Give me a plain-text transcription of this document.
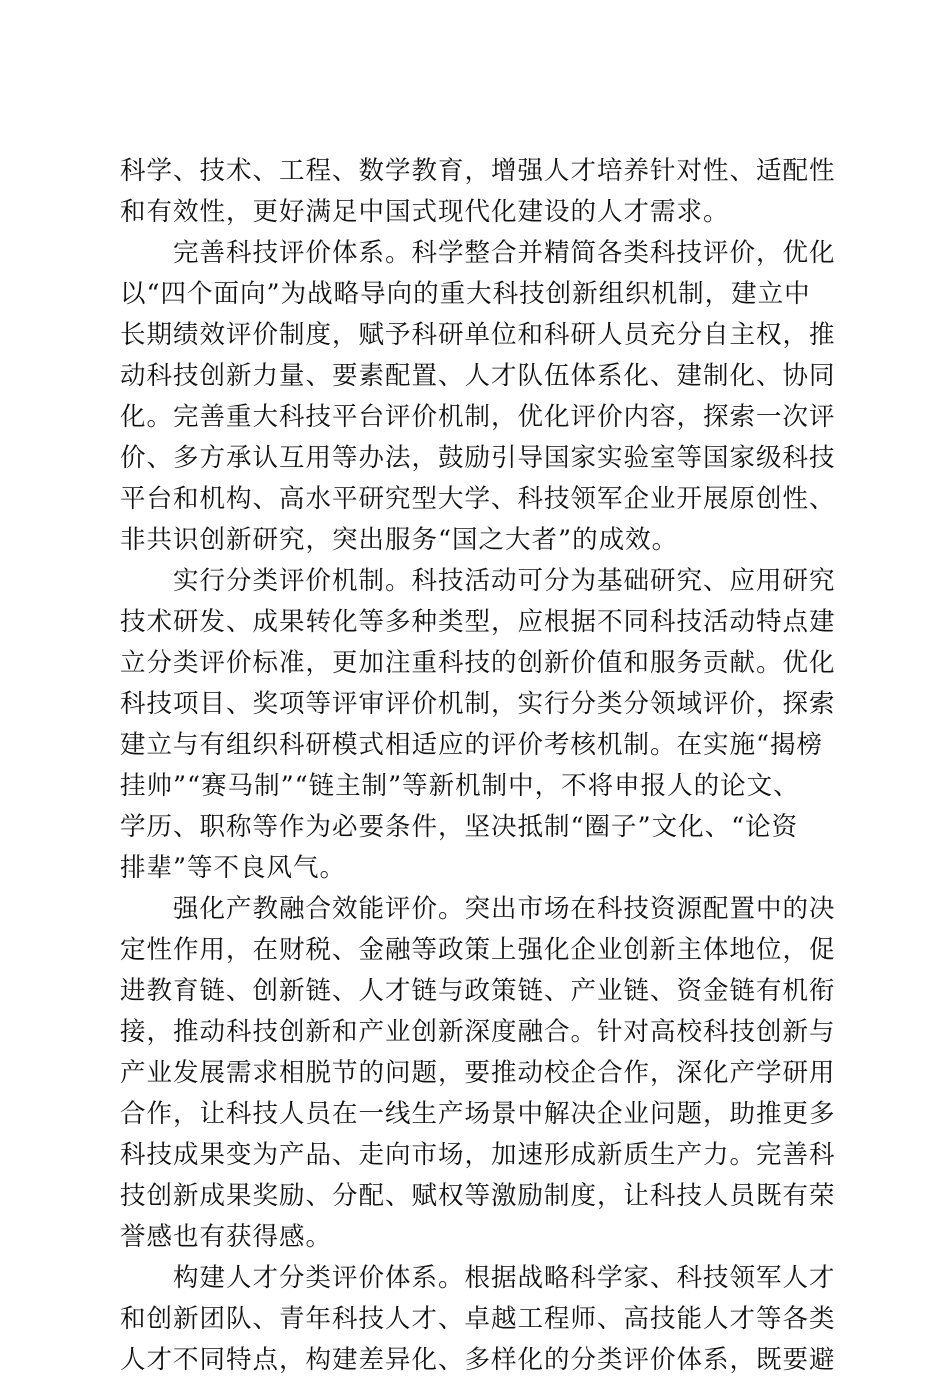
科学、技术、工程、数学教育，增强人才培养针对性、适配性
和有效性，更好满足中国式现代化建设的人才需求。
　　完善科技评价体系。科学整合并精简各类科技评价，优化
以“四个面向”为战略导向的重大科技创新组织机制，建立中
长期绩效评价制度，赋予科研单位和科研人员充分自主权，推
动科技创新力量、要素配置、人才队伍体系化、建制化、协同
化。完善重大科技平台评价机制，优化评价内容，探索一次评
价、多方承认互用等办法，鼓励引导国家实验室等国家级科技
平台和机构、高水平研究型大学、科技领军企业开展原创性、
非共识创新研究，突出服务“国之大者”的成效。
　　实行分类评价机制。科技活动可分为基础研究、应用研究
技术研发、成果转化等多种类型，应根据不同科技活动特点建
立分类评价标准，更加注重科技的创新价值和服务贡献。优化
科技项目、奖项等评审评价机制，实行分类分领域评价，探索
建立与有组织科研模式相适应的评价考核机制。在实施“揭榜
挂帅”“赛马制”“链主制”等新机制中，不将申报人的论文、
学历、职称等作为必要条件，坚决抵制“圈子”文化、“论资
排辈”等不良风气。
　　强化产教融合效能评价。突出市场在科技资源配置中的决
定性作用，在财税、金融等政策上强化企业创新主体地位，促
进教育链、创新链、人才链与政策链、产业链、资金链有机衔
接，推动科技创新和产业创新深度融合。针对高校科技创新与
产业发展需求相脱节的问题，要推动校企合作，深化产学研用
合作，让科技人员在一线生产场景中解决企业问题，助推更多
科技成果变为产品、走向市场，加速形成新质生产力。完善科
技创新成果奖励、分配、赋权等激励制度，让科技人员既有荣
誉感也有获得感。
　　构建人才分类评价体系。根据战略科学家、科技领军人才
和创新团队、青年科技人才、卓越工程师、高技能人才等各类
人才不同特点，构建差异化、多样化的分类评价体系，既要避
